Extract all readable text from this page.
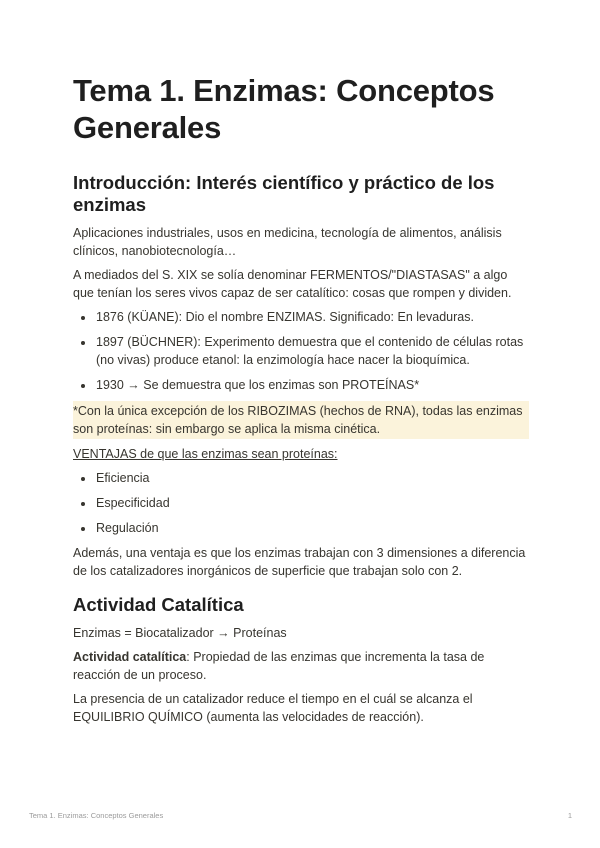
Tema 1. Enzimas: Conceptos Generales
Introducción: Interés científico y práctico de los enzimas

Aplicaciones industriales, usos en medicina, tecnología de alimentos, análisis clínicos, nanobiotecnología…

A mediados del S. XIX se solía denominar FERMENTOS/"DIASTASAS" a algo que tenían los seres vivos capaz de ser catalítico: cosas que rompen y dividen.

• 1876 (KÜANE): Dio el nombre ENZIMAS. Significado: En levaduras.
• 1897 (BÜCHNER): Experimento demuestra que el contenido de células rotas (no vivas) produce etanol: la enzimología hace nacer la bioquímica.
• 1930 → Se demuestra que los enzimas son PROTEÍNAS*

*Con la única excepción de los RIBOZIMAS (hechos de RNA), todas las enzimas son proteínas: sin embargo se aplica la misma cinética.

VENTAJAS de que las enzimas sean proteínas:

• Eficiencia
• Especificidad
• Regulación

Además, una ventaja es que los enzimas trabajan con 3 dimensiones a diferencia de los catalizadores inorgánicos de superficie que trabajan solo con 2.

Actividad Catalítica

Enzimas = Biocatalizador → Proteínas

Actividad catalítica: Propiedad de las enzimas que incrementa la tasa de reacción de un proceso.

La presencia de un catalizador reduce el tiempo en el cuál se alcanza el EQUILIBRIO QUÍMICO (aumenta las velocidades de reacción).

Tema 1. Enzimas: Conceptos Generales	1
